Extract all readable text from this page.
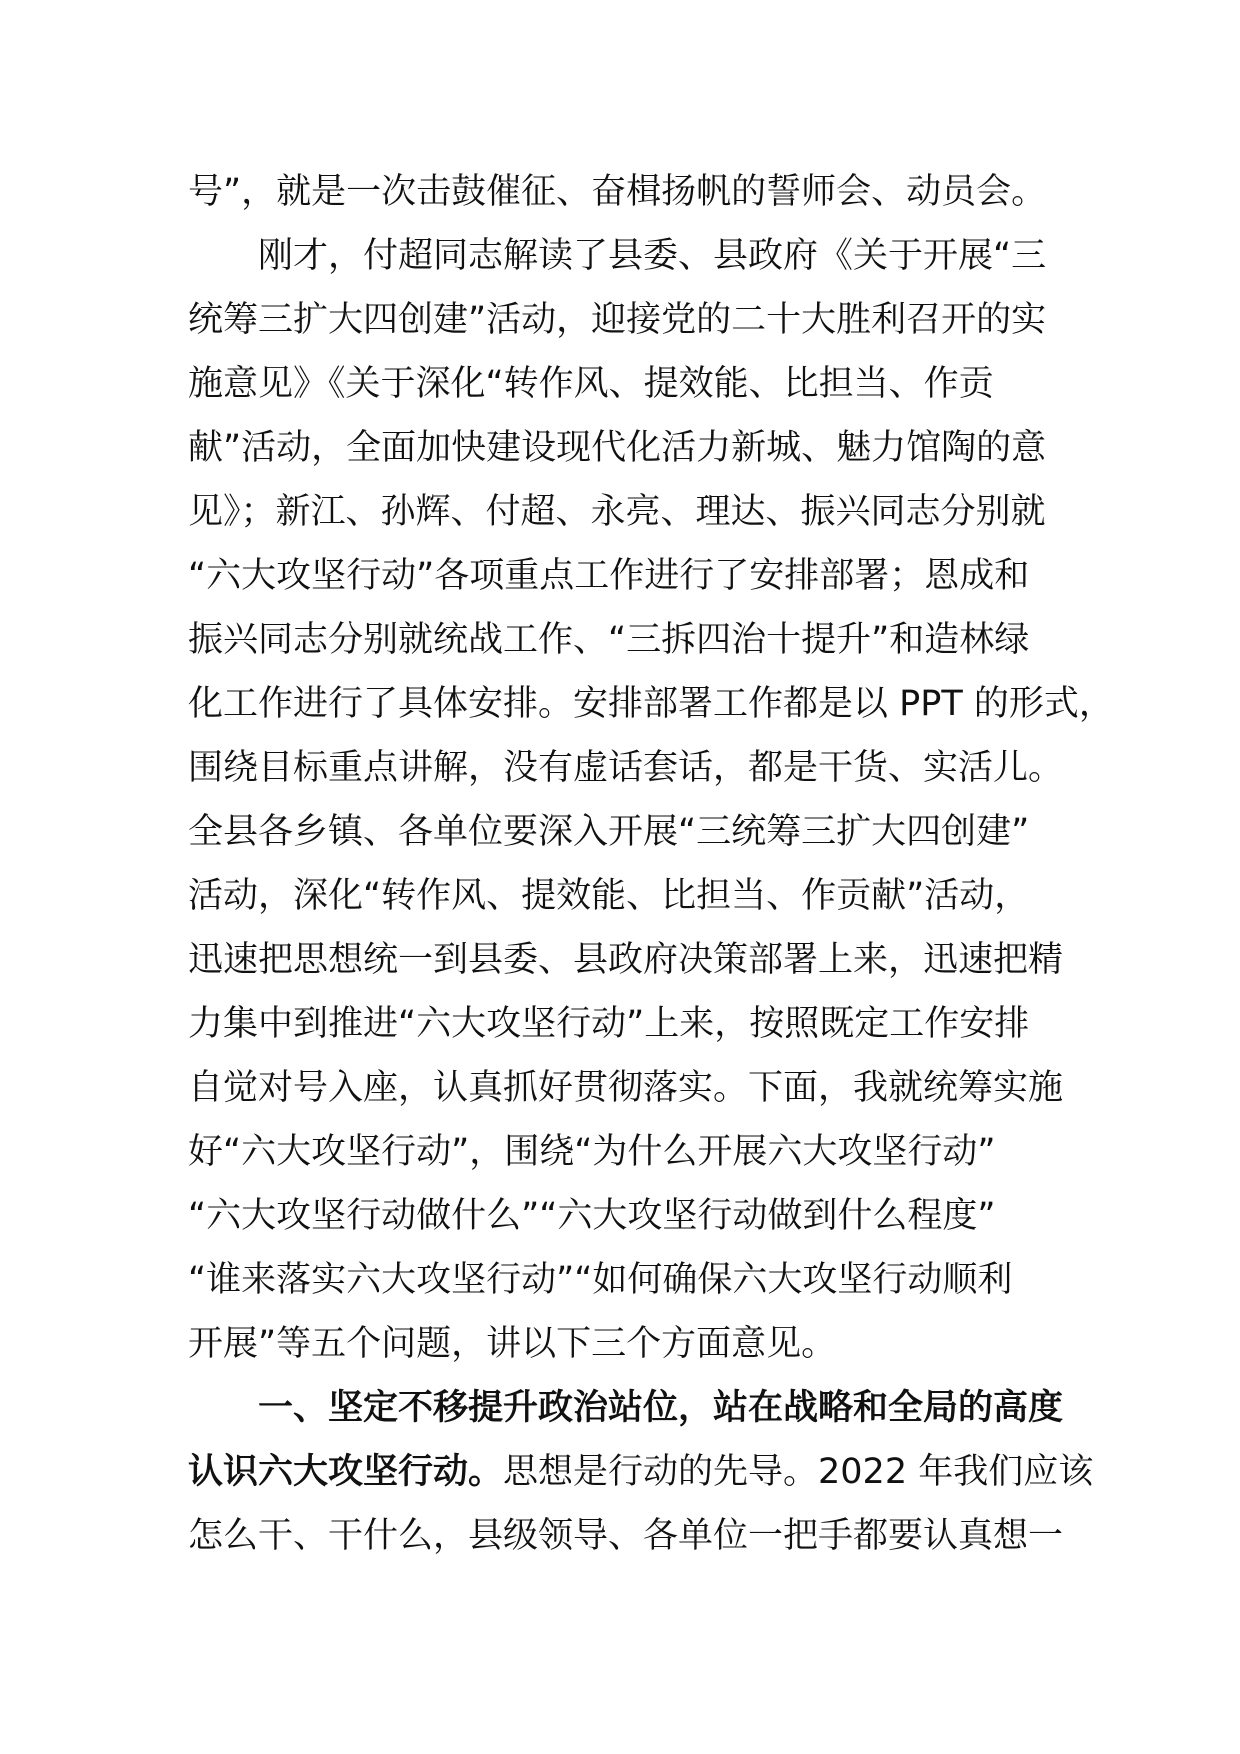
号”，就是一次击鼓催征、奋楫扬帆的誓师会、动员会。
刚才，付超同志解读了县委、县政府《关于开展“三
统筹三扩大四创建”活动，迎接党的二十大胜利召开的实
施意见》《关于深化“转作风、提效能、比担当、作贡
献”活动，全面加快建设现代化活力新城、魅力馆陶的意
见》；新江、孙辉、付超、永亮、理达、振兴同志分别就
“六大攻坚行动”各项重点工作进行了安排部署；恩成和
振兴同志分别就统战工作、“三拆四治十提升”和造林绿
化工作进行了具体安排。安排部署工作都是以 PPT 的形式，
围绕目标重点讲解，没有虚话套话，都是干货、实活儿。
全县各乡镇、各单位要深入开展“三统筹三扩大四创建”
活动，深化“转作风、提效能、比担当、作贡献”活动，
迅速把思想统一到县委、县政府决策部署上来，迅速把精
力集中到推进“六大攻坚行动”上来，按照既定工作安排
自觉对号入座，认真抓好贯彻落实。下面，我就统筹实施
好“六大攻坚行动”，围绕“为什么开展六大攻坚行动”
“六大攻坚行动做什么”“六大攻坚行动做到什么程度”
“谁来落实六大攻坚行动”“如何确保六大攻坚行动顺利
开展”等五个问题，讲以下三个方面意见。
一、坚定不移提升政治站位，站在战略和全局的高度
认识六大攻坚行动。思想是行动的先导。2022 年我们应该
怎么干、干什么，县级领导、各单位一把手都要认真想一
